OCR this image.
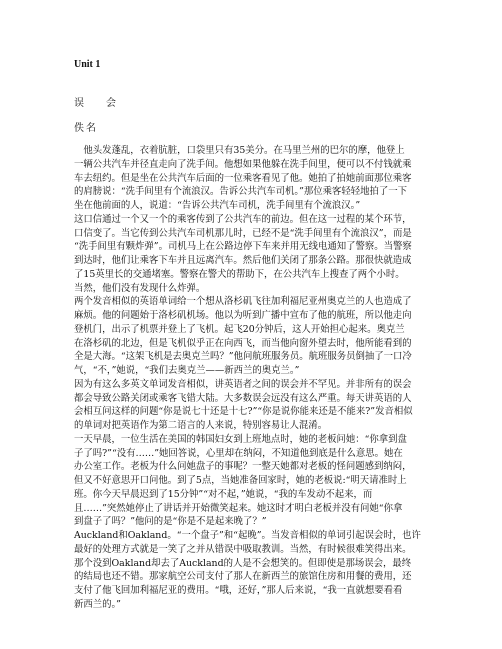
Unit 1
误　会
佚名

　他头发蓬乱，衣着肮脏，口袋里只有35美分。在马里兰州的巴尔的摩，他登上
一辆公共汽车并径直走向了洗手间。他想如果他躲在洗手间里，便可以不付钱就乘
车去纽约。但是坐在公共汽车后面的一位乘客看见了他。她拍了拍她前面那位乘客
的肩膀说：“洗手间里有个流浪汉。告诉公共汽车司机。”那位乘客轻轻地拍了一下
坐在他前面的人，说道：“告诉公共汽车司机，洗手间里有个流浪汉。”

这口信通过一个又一个的乘客传到了公共汽车的前边。但在这一过程的某个环节，
口信变了。当它传到公共汽车司机那儿时，已经不是“洗手间里有个流浪汉”，而是
“洗手间里有颗炸弹”。司机马上在公路边停下车来并用无线电通知了警察。当警察
到达时，他们让乘客下车并且远离汽车。然后他们关闭了那条公路。那很快就造成
了15英里长的交通堵塞。警察在警犬的帮助下，在公共汽车上搜查了两个小时。
当然，他们没有发现什么炸弹。

两个发音相似的英语单词给一个想从洛杉矶飞往加利福尼亚州奥克兰的人也造成了
麻烦。他的问题始于洛杉矶机场。他以为听到广播中宣布了他的航班，所以他走向
登机门，出示了机票并登上了飞机。起飞20分钟后，这人开始担心起来。奥克兰
在洛杉矶的北边，但是飞机似乎正在向西飞，而当他向窗外望去时，他所能看到的
全是大海。“这架飞机是去奥克兰吗？”他问航班服务员。航班服务员倒抽了一口冷
气，“不，”她说，“我们去奥克兰——新西兰的奥克兰。”

因为有这么多英文单词发音相似，讲英语者之间的误会并不罕见。并非所有的误会
都会导致公路关闭或乘客飞错大陆。大多数误会远没有这么严重。每天讲英语的人
会相互问这样的问题“你是说七十还是十七?”“你是说你能来还是不能来?”发音相似
的单词对把英语作为第二语言的人来说，特别容易让人混淆。

一天早晨，一位生活在美国的韩国妇女到上班地点时，她的老板问她：“你拿到盘
子了吗?”“没有……”她回答说，心里却在纳闷，不知道他到底是什么意思。她在
办公室工作。老板为什么问她盘子的事呢？一整天她都对老板的怪问题感到纳闷，
但又不好意思开口问他。到了5点，当她准备回家时，她的老板说:“明天请准时上
班。你今天早晨迟到了15分钟”“对不起，”她说，“我的车发动不起来，而
且……”突然她停止了讲话并开始微笑起来。她这时才明白老板并没有问她“你拿
到盘子了吗？”他问的是“你是不是起来晚了？”

Auckland和Oakland。“一个盘子”和“起晚”。当发音相似的单词引起误会时，也许
最好的处理方式就是一笑了之并从错误中吸取教训。当然，有时候很难笑得出来。
那个没到Oakland却去了Auckland的人是不会想笑的。但即使是那场误会，最终
的结局也还不错。那家航空公司支付了那人在新西兰的旅馆住房和用餐的费用，还
支付了他飞回加利福尼亚的费用。“哦，还好，”那人后来说，“我一直就想要看看
新西兰的。”
